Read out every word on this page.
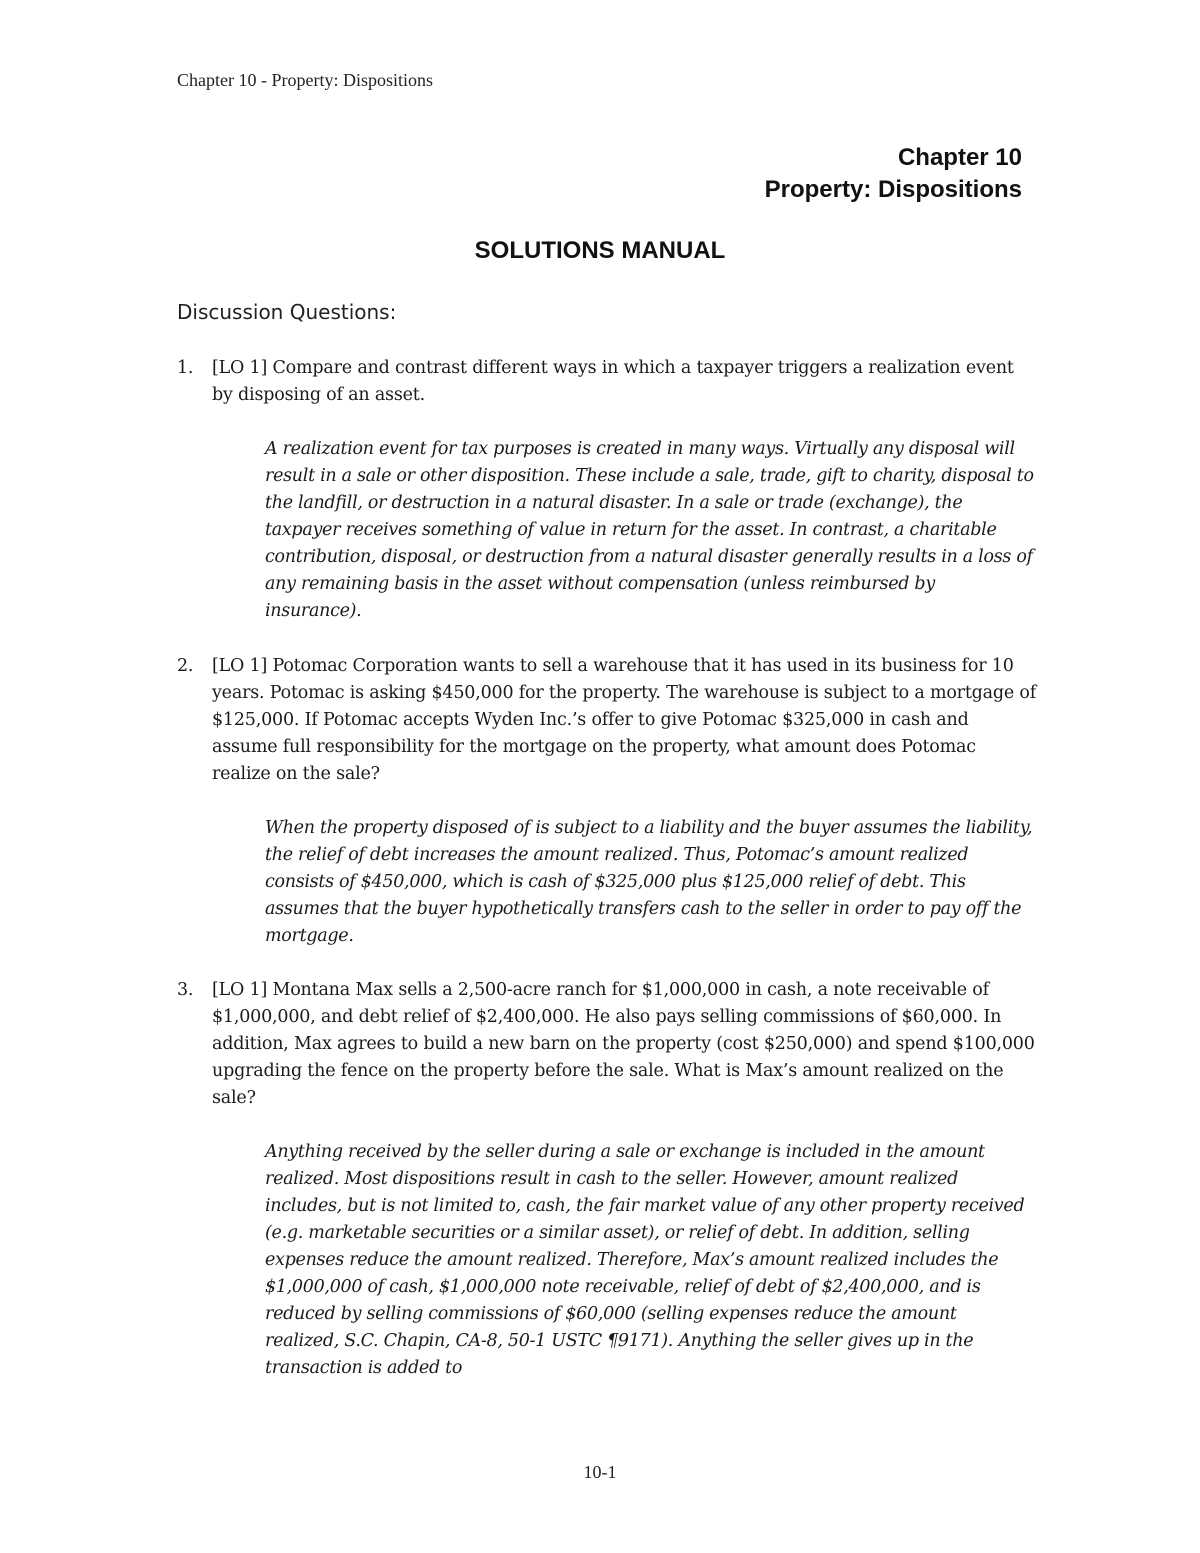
Chapter 10 - Property: Dispositions
Chapter 10
Property: Dispositions
SOLUTIONS MANUAL
Discussion Questions:
1. [LO 1] Compare and contrast different ways in which a taxpayer triggers a realization event by disposing of an asset.
A realization event for tax purposes is created in many ways. Virtually any disposal will result in a sale or other disposition. These include a sale, trade, gift to charity, disposal to the landfill, or destruction in a natural disaster. In a sale or trade (exchange), the taxpayer receives something of value in return for the asset. In contrast, a charitable contribution, disposal, or destruction from a natural disaster generally results in a loss of any remaining basis in the asset without compensation (unless reimbursed by insurance).
2. [LO 1] Potomac Corporation wants to sell a warehouse that it has used in its business for 10 years. Potomac is asking $450,000 for the property. The warehouse is subject to a mortgage of $125,000. If Potomac accepts Wyden Inc.’s offer to give Potomac $325,000 in cash and assume full responsibility for the mortgage on the property, what amount does Potomac realize on the sale?
When the property disposed of is subject to a liability and the buyer assumes the liability, the relief of debt increases the amount realized. Thus, Potomac’s amount realized consists of $450,000, which is cash of $325,000 plus $125,000 relief of debt. This assumes that the buyer hypothetically transfers cash to the seller in order to pay off the mortgage.
3. [LO 1] Montana Max sells a 2,500-acre ranch for $1,000,000 in cash, a note receivable of $1,000,000, and debt relief of $2,400,000. He also pays selling commissions of $60,000. In addition, Max agrees to build a new barn on the property (cost $250,000) and spend $100,000 upgrading the fence on the property before the sale. What is Max’s amount realized on the sale?
Anything received by the seller during a sale or exchange is included in the amount realized. Most dispositions result in cash to the seller. However, amount realized includes, but is not limited to, cash, the fair market value of any other property received (e.g. marketable securities or a similar asset), or relief of debt. In addition, selling expenses reduce the amount realized. Therefore, Max’s amount realized includes the $1,000,000 of cash, $1,000,000 note receivable, relief of debt of $2,400,000, and is reduced by selling commissions of $60,000 (selling expenses reduce the amount realized, S.C. Chapin, CA-8, 50-1 USTC ¶9171). Anything the seller gives up in the transaction is added to
10-1
